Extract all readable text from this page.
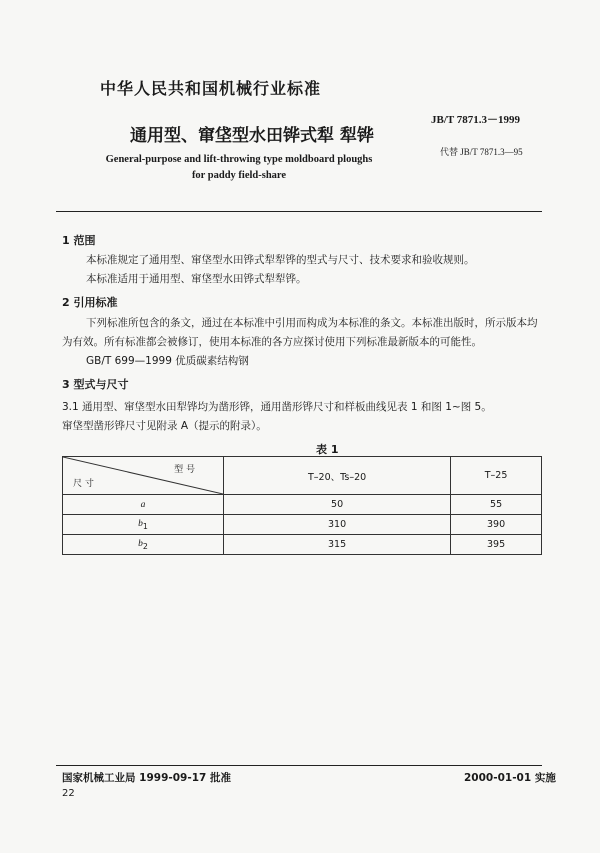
中华人民共和国机械行业标准
JB/T 7871.3－1999
通用型、窜垡型水田铧式犁 犁铧
代替 JB/T 7871.3—95
General-purpose and lift-throwing type moldboard ploughs for paddy field-share
1 范围
本标准规定了通用型、窜垡型水田铧式犁犁铧的型式与尺寸、技术要求和验收规则。
本标准适用于通用型、窜垡型水田铧式犁犁铧。
2 引用标准
下列标准所包含的条文，通过在本标准中引用而构成为本标准的条文。本标准出版时，所示版本均为有效。所有标准都会被修订，使用本标准的各方应探讨使用下列标准最新版本的可能性。
GB/T 699—1999 优质碳素结构钢
3 型式与尺寸
3.1 通用型、窜垡型水田犁铧均为凿形铧，通用凿形铧尺寸和样板曲线见表 1 和图 1~图 5。
窜垡型凿形铧尺寸见附录 A（提示的附录）。
表 1
型 号
尺 寸	T–20、Ts–20	T–25
a	50	55
$b_1$	310	390
$b_2$	315	395
国家机械工业局 1999-09-17 批准	2000-01-01 实施
22
